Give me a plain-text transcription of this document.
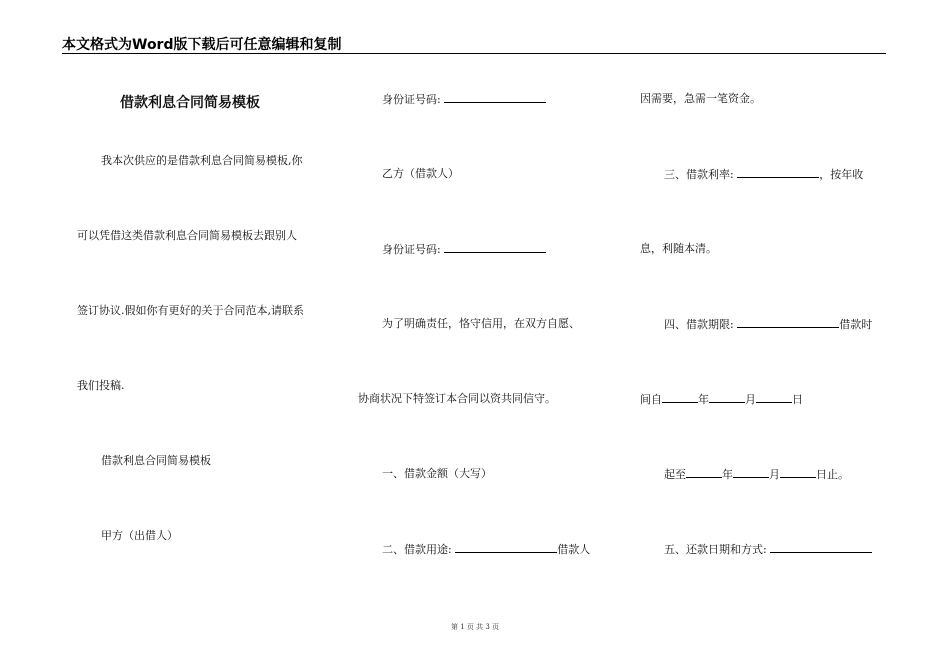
本文格式为Word版下载后可任意编辑和复制
借款利息合同简易模板
我本次供应的是借款利息合同简易模板,你
可以凭借这类借款利息合同简易模板去跟别人
签订协议.假如你有更好的关于合同范本,请联系
我们投稿.
借款利息合同简易模板
甲方（出借人）
身份证号码:
乙方（借款人）
身份证号码:
为了明确责任，恪守信用，在双方自愿、
协商状况下特签订本合同以资共同信守。
一、借款金额（大写）
二、借款用途:	借款人
因需要，急需一笔资金。
三、借款利率:	，按年收
息，利随本清。
四、借款期限:	借款时
间自	年	月	日
起至	年	月	日止。
五、还款日期和方式:
第 1 页 共 3 页
